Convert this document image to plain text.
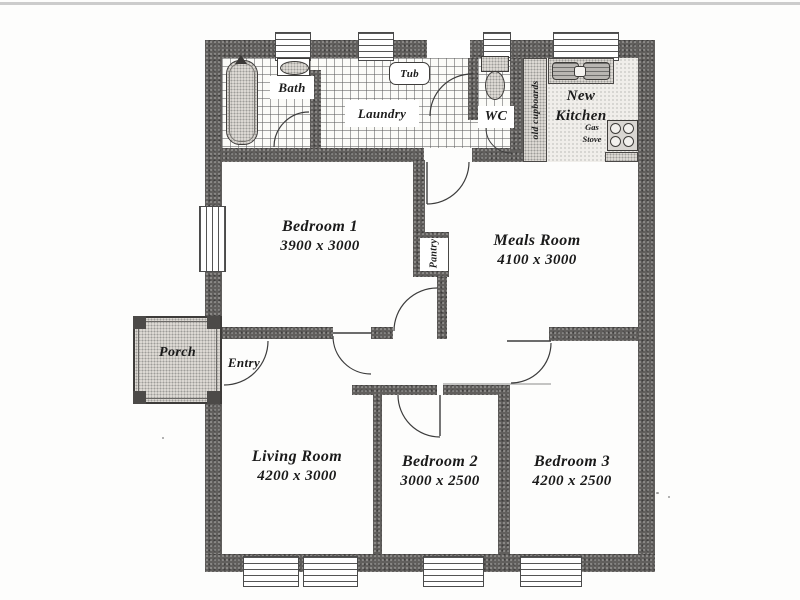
old cupboards
Pantry
Bath
Tub
Laundry	WC
New Kitchen
Gas Stove
Bedroom 1
3900 x 3000	Meals Room
4100 x 3000
Living Room
4200 x 3000
Bedroom 2
3000 x 2500
Bedroom 3
4200 x 2500
Porch
Entry
